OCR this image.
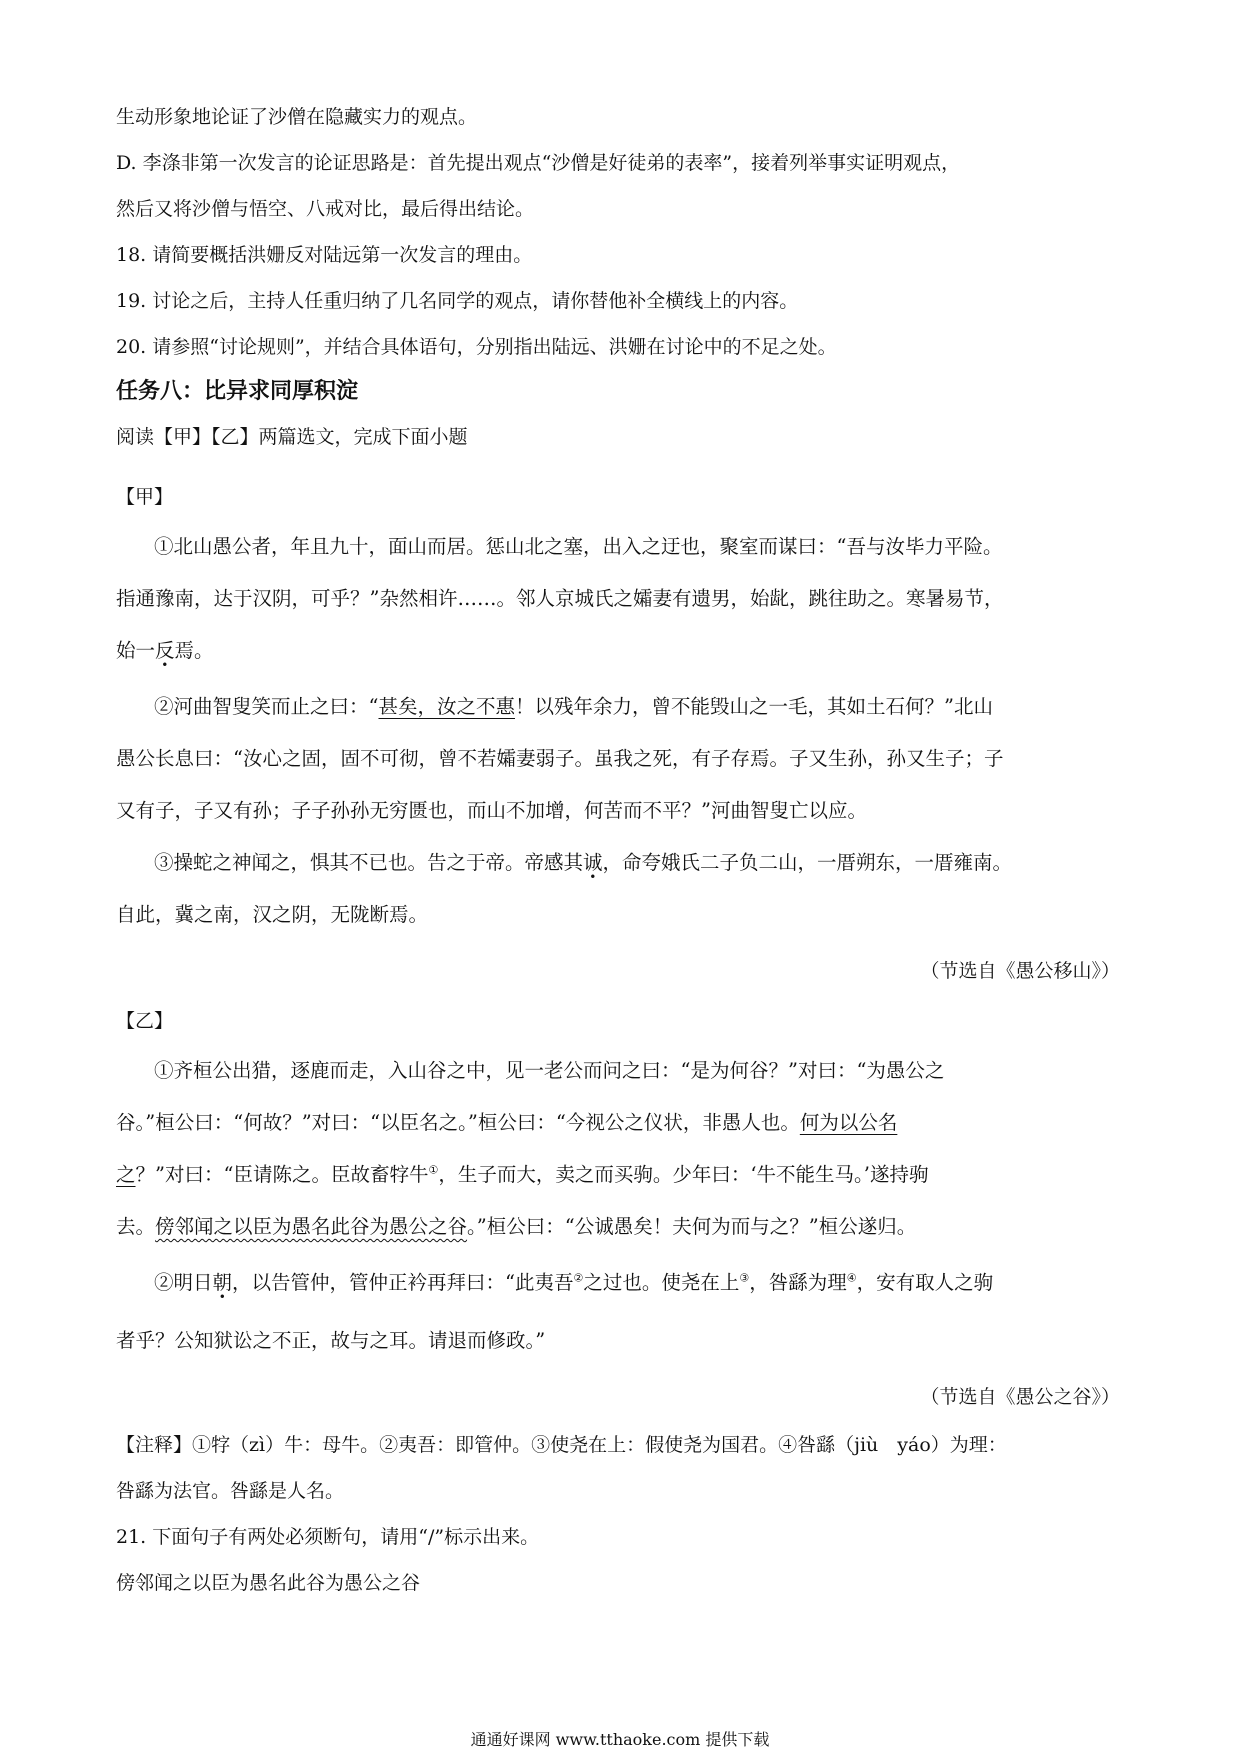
生动形象地论证了沙僧在隐藏实力的观点。

D. 李涤非第一次发言的论证思路是：首先提出观点“沙僧是好徒弟的表率”，接着列举事实证明观点，

然后又将沙僧与悟空、八戒对比，最后得出结论。

18. 请简要概括洪姗反对陆远第一次发言的理由。

19. 讨论之后，主持人任重归纳了几名同学的观点，请你替他补全横线上的内容。

20. 请参照“讨论规则”，并结合具体语句，分别指出陆远、洪姗在讨论中的不足之处。

任务八：比异求同厚积淀

阅读【甲】【乙】两篇选文，完成下面小题

【甲】

①北山愚公者，年且九十，面山而居。惩山北之塞，出入之迂也，聚室而谋曰：“吾与汝毕力平险。

指通豫南，达于汉阴，可乎？”杂然相许……。邻人京城氏之孀妻有遗男，始龀，跳往助之。寒暑易节，

始一反焉。

②河曲智叟笑而止之曰：“甚矣，汝之不惠！以残年余力，曾不能毁山之一毛，其如土石何？”北山

愚公长息曰：“汝心之固，固不可彻，曾不若孀妻弱子。虽我之死，有子存焉。子又生孙，孙又生子；子

又有子，子又有孙；子子孙孙无穷匮也，而山不加增，何苦而不平？”河曲智叟亡以应。

③操蛇之神闻之，惧其不已也。告之于帝。帝感其诚，命夸娥氏二子负二山，一厝朔东，一厝雍南。

自此，冀之南，汉之阴，无陇断焉。

（节选自《愚公移山》）

【乙】

①齐桓公出猎，逐鹿而走，入山谷之中，见一老公而问之曰：“是为何谷？”对曰：“为愚公之

谷。”桓公曰：“何故？”对曰：“以臣名之。”桓公曰：“今视公之仪状，非愚人也。何为以公名

之？”对曰：“臣请陈之。臣故畜牸牛①，生子而大，卖之而买驹。少年曰：‘牛不能生马。’遂持驹

去。傍邻闻之以臣为愚名此谷为愚公之谷。”桓公曰：“公诚愚矣！夫何为而与之？”桓公遂归。

②明日朝，以告管仲，管仲正衿再拜曰：“此夷吾②之过也。使尧在上③，咎繇为理④，安有取人之驹

者乎？公知狱讼之不正，故与之耳。请退而修政。”

（节选自《愚公之谷》）

【注释】①牸（zì）牛：母牛。②夷吾：即管仲。③使尧在上：假使尧为国君。④咎繇（jiù　yáo）为理：

咎繇为法官。咎繇是人名。

21. 下面句子有两处必须断句，请用“/”标示出来。

傍邻闻之以臣为愚名此谷为愚公之谷

通通好课网 www.tthaoke.com 提供下载
